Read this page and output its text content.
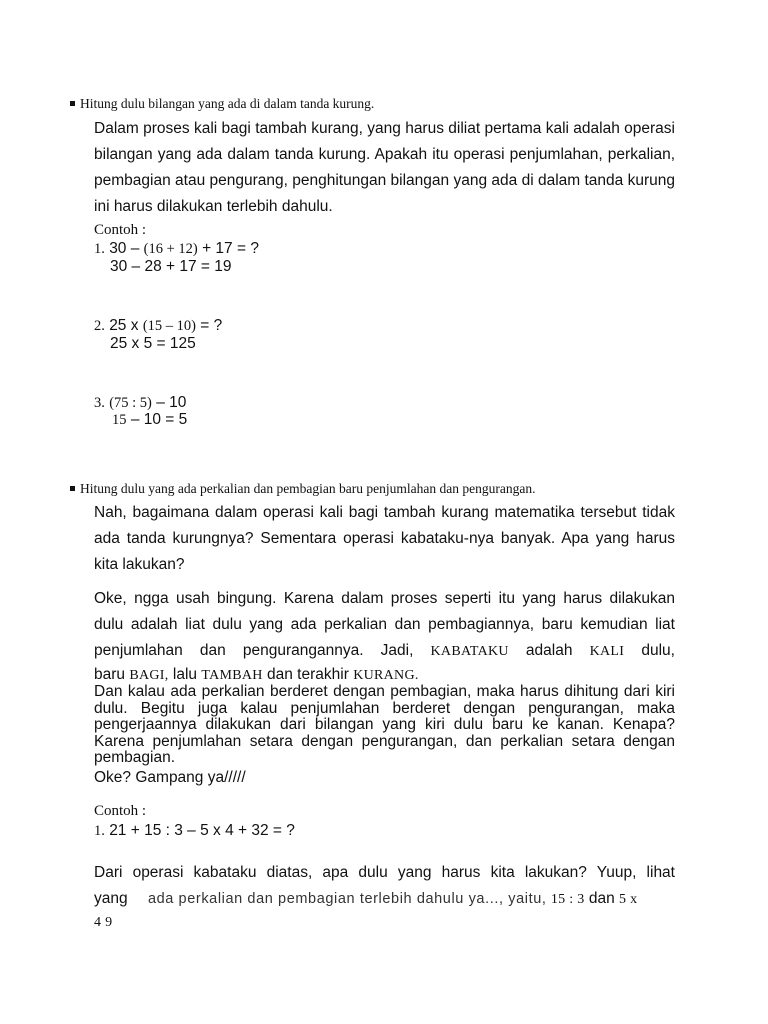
Hitung dulu bilangan yang ada di dalam tanda kurung.
Dalam proses kali bagi tambah kurang, yang harus diliat pertama kali adalah operasi bilangan yang ada dalam tanda kurung. Apakah itu operasi penjumlahan, perkalian, pembagian atau pengurang, penghitungan bilangan yang ada di dalam tanda kurung ini harus dilakukan terlebih dahulu.
Contoh :
1. 30 – (16 + 12) + 17 = ?
30 – 28 + 17 = 19
2. 25 x (15 – 10) = ?
25 x 5 = 125
3. (75 : 5) – 10
15 – 10 = 5
Hitung dulu yang ada perkalian dan pembagian baru penjumlahan dan pengurangan.
Nah, bagaimana dalam operasi kali bagi tambah kurang matematika tersebut tidak ada tanda kurungnya? Sementara operasi kabataku-nya banyak. Apa yang harus kita lakukan?
Oke, ngga usah bingung. Karena dalam proses seperti itu yang harus dilakukan
dulu adalah liat dulu yang ada perkalian dan pembagiannya, baru kemudian liat
penjumlahan dan pengurangannya. Jadi, KABATAKU adalah KALI dulu,
baru BAGI, lalu TAMBAH dan terakhir KURANG.
Dan kalau ada perkalian berderet dengan pembagian, maka harus dihitung dari kiri dulu. Begitu juga kalau penjumlahan berderet dengan pengurangan, maka pengerjaannya dilakukan dari bilangan yang kiri dulu baru ke kanan. Kenapa? Karena penjumlahan setara dengan pengurangan, dan perkalian setara dengan pembagian.
Oke? Gampang ya/////
Contoh :
1. 21 + 15 : 3 – 5 x 4 + 32 = ?
Dari operasi kabataku diatas, apa dulu yang harus kita lakukan? Yuup, lihat
yang ada perkalian dan pembagian terlebih dahulu ya..., yaitu, 15 : 3 dan 5 x
4 9
